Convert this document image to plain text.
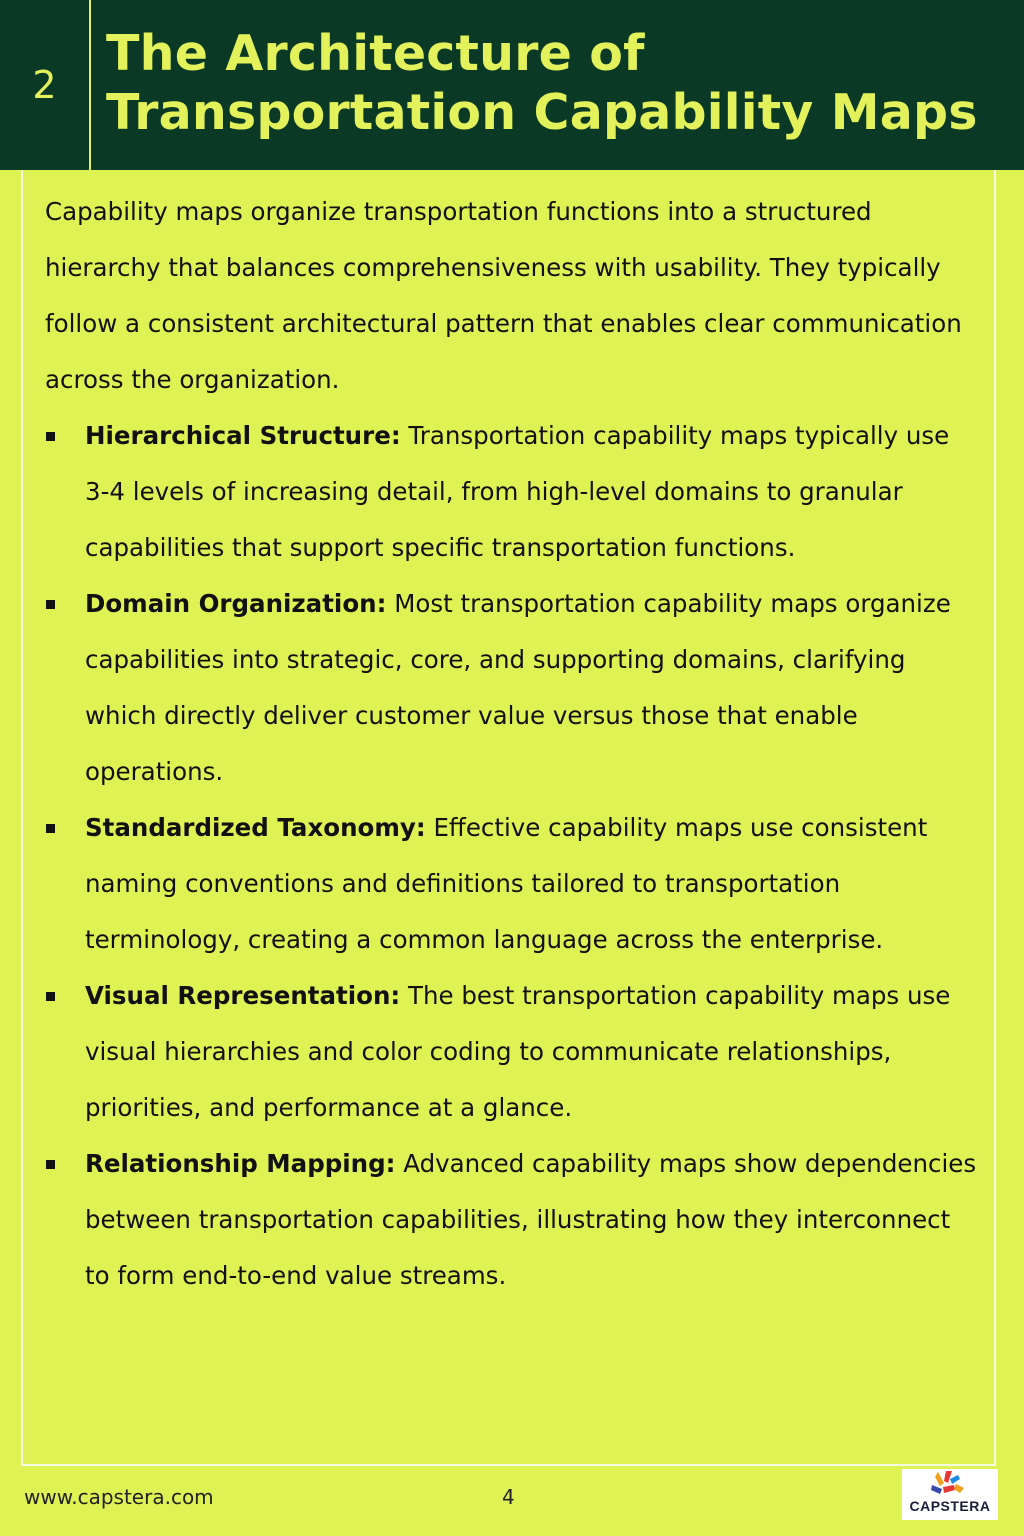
2
The Architecture of Transportation Capability Maps

Capability maps organize transportation functions into a structured hierarchy that balances comprehensiveness with usability. They typically follow a consistent architectural pattern that enables clear communication across the organization.

Hierarchical Structure: Transportation capability maps typically use 3-4 levels of increasing detail, from high-level domains to granular capabilities that support specific transportation functions.
Domain Organization: Most transportation capability maps organize capabilities into strategic, core, and supporting domains, clarifying which directly deliver customer value versus those that enable operations.
Standardized Taxonomy: Effective capability maps use consistent naming conventions and definitions tailored to transportation terminology, creating a common language across the enterprise.
Visual Representation: The best transportation capability maps use visual hierarchies and color coding to communicate relationships, priorities, and performance at a glance.
Relationship Mapping: Advanced capability maps show dependencies between transportation capabilities, illustrating how they interconnect to form end-to-end value streams.
www.capstera.com	4	CAPSTERA
